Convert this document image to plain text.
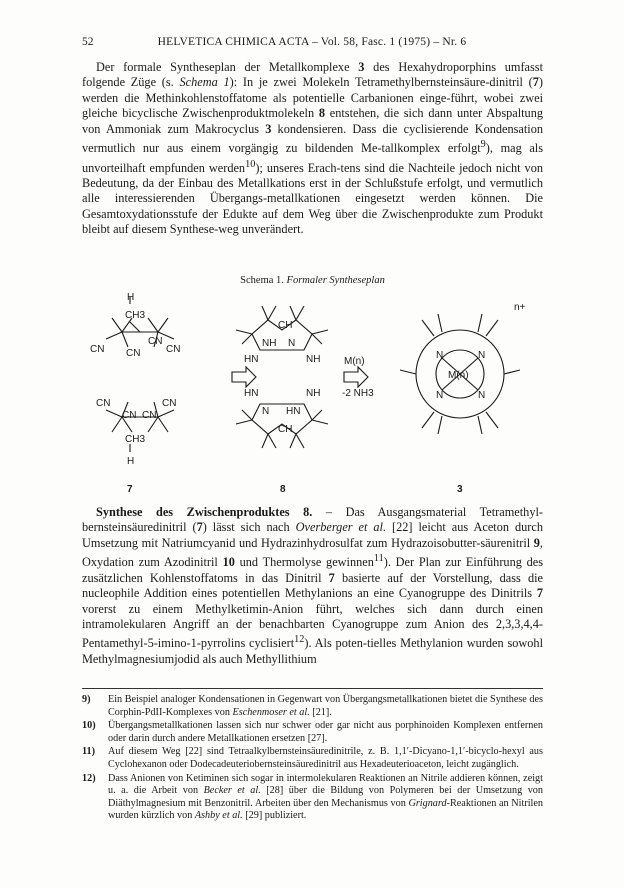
52	HELVETICA CHIMICA ACTA – Vol. 58, Fasc. 1 (1975) – Nr. 6

Der formale Syntheseplan der Metallkomplexe 3 des Hexahydroporphins umfasst folgende Züge (s. Schema 1): In je zwei Molekeln Tetramethylbernsteinsäure-dinitril (7) werden die Methinkohlenstoffatome als potentielle Carbanionen einge-führt, wobei zwei gleiche bicyclische Zwischenproduktmolekeln 8 entstehen, die sich dann unter Abspaltung von Ammoniak zum Makrocyclus 3 kondensieren. Dass die cyclisierende Kondensation vermutlich nur aus einem vorgängig zu bildenden Me-tallkomplex erfolgt$^9$), mag als unvorteilhaft empfunden werden$^{10}$); unseres Erach-tens sind die Nachteile jedoch nicht von Bedeutung, da der Einbau des Metallkations erst in der Schlußstufe erfolgt, und vermutlich alle interessierenden Übergangs-metallkationen eingesetzt werden können. Die Gesamtoxydationsstufe der Edukte auf dem Weg über die Zwischenprodukte zum Produkt bleibt auf diesem Synthese-weg unverändert.

Schema 1. Formaler Syntheseplan
H
CH3
CN
CN
CN	CN
CN	CN
CN CN
CH3
H
CH
NH N
HN	NH
HN	NH
N HN
CH
M(n)
-2 NH3
N	N
N	N
M(n)
n+
7	8	3

Synthese des Zwischenproduktes 8. – Das Ausgangsmaterial Tetramethyl-bernsteinsäuredinitril (7) lässt sich nach Overberger et al. [22] leicht aus Aceton durch Umsetzung mit Natriumcyanid und Hydrazinhydrosulfat zum Hydrazoisobutter-säurenitril 9, Oxydation zum Azodinitril 10 und Thermolyse gewinnen$^{11}$). Der Plan zur Einführung des zusätzlichen Kohlenstoffatoms in das Dinitril 7 basierte auf der Vorstellung, dass die nucleophile Addition eines potentiellen Methylanions an eine Cyanogruppe des Dinitrils 7 vorerst zu einem Methylketimin-Anion führt, welches sich dann durch einen intramolekularen Angriff an der benachbarten Cyanogruppe zum Anion des 2,3,3,4,4-Pentamethyl-5-imino-1-pyrrolins cyclisiert$^{12}$). Als poten-tielles Methylanion wurden sowohl Methylmagnesiumjodid als auch Methyllithium

9) Ein Beispiel analoger Kondensationen in Gegenwart von Übergangsmetallkationen bietet die Synthese des Corphin-PdII-Komplexes von Eschenmoser et al. [21].
10) Übergangsmetallkationen lassen sich nur schwer oder gar nicht aus porphinoiden Komplexen entfernen oder darin durch andere Metallkationen ersetzen [27].
11) Auf diesem Weg [22] sind Tetraalkylbernsteinsäuredinitrile, z. B. 1,1′-Dicyano-1,1′-bicyclo-hexyl aus Cyclohexanon oder Dodecadeuteriobernsteinsäuredinitril aus Hexadeuterioaceton, leicht zugänglich.
12) Dass Anionen von Ketiminen sich sogar in intermolekularen Reaktionen an Nitrile addieren können, zeigt u. a. die Arbeit von Becker et al. [28] über die Bildung von Polymeren bei der Umsetzung von Diäthylmagnesium mit Benzonitril. Arbeiten über den Mechanismus von Grignard-Reaktionen an Nitrilen wurden kürzlich von Ashby et al. [29] publiziert.
